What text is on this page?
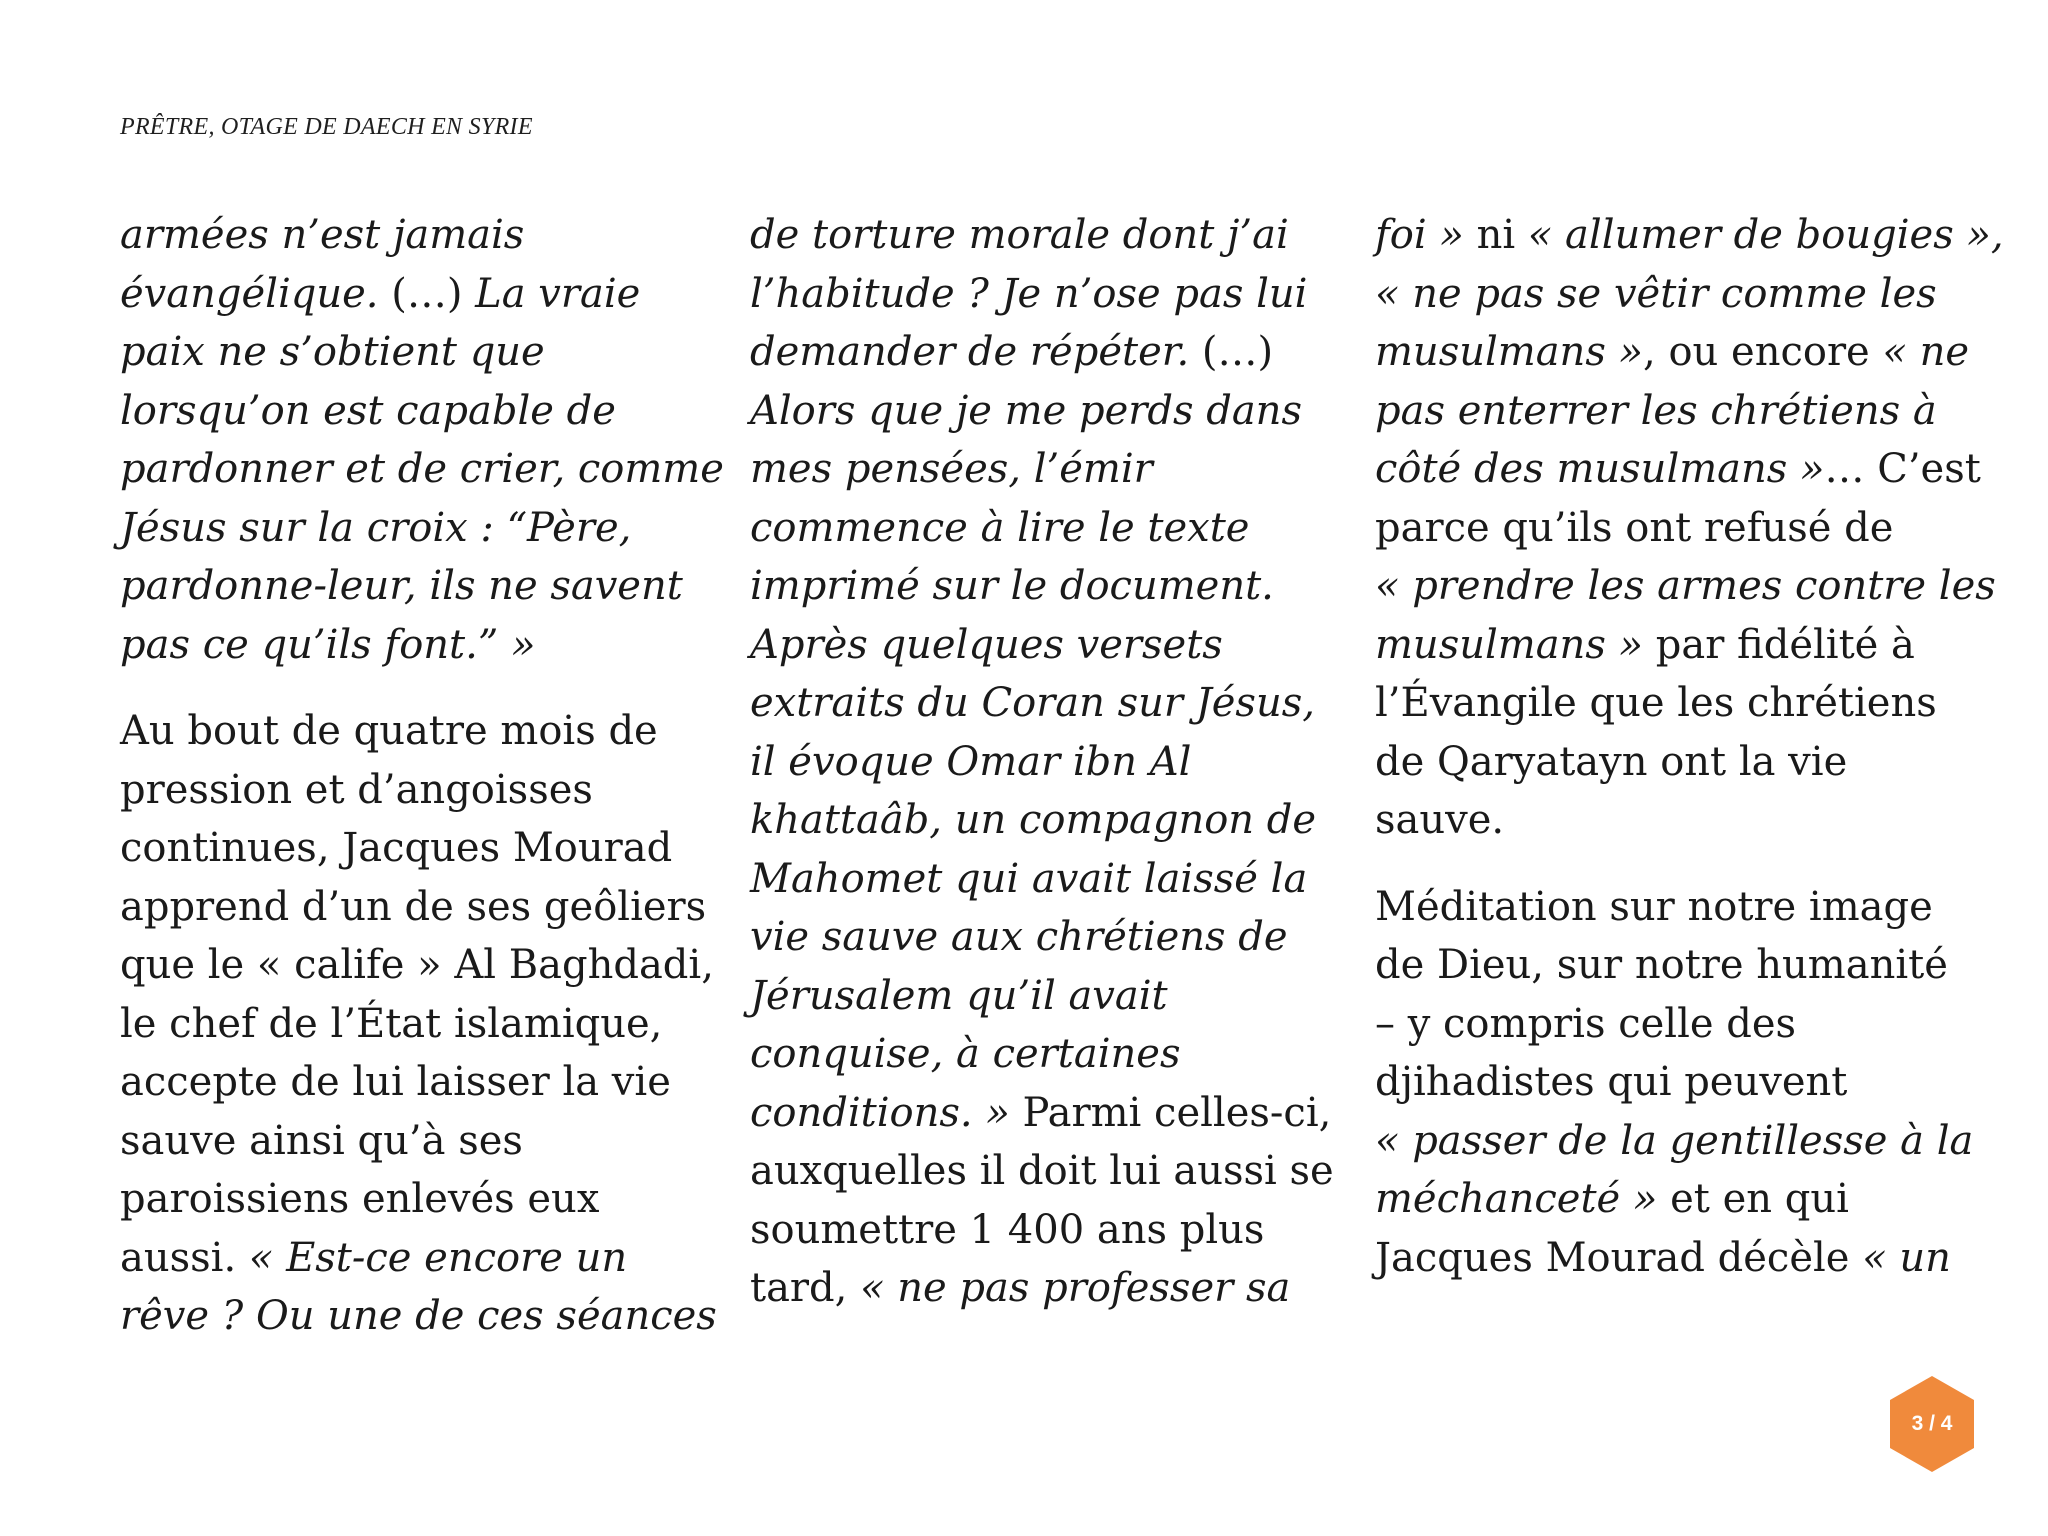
PRÊTRE, OTAGE DE DAECH EN SYRIE

armées n’est jamais
évangélique. (…) La vraie
paix ne s’obtient que
lorsqu’on est capable de
pardonner et de crier, comme
Jésus sur la croix : “Père,
pardonne-leur, ils ne savent
pas ce qu’ils font.” »

Au bout de quatre mois de
pression et d’angoisses
continues, Jacques Mourad
apprend d’un de ses geôliers
que le « calife » Al Baghdadi,
le chef de l’État islamique,
accepte de lui laisser la vie
sauve ainsi qu’à ses
paroissiens enlevés eux
aussi. « Est-ce encore un
rêve ? Ou une de ces séances

de torture morale dont j’ai
l’habitude ? Je n’ose pas lui
demander de répéter. (…)
Alors que je me perds dans
mes pensées, l’émir
commence à lire le texte
imprimé sur le document.
Après quelques versets
extraits du Coran sur Jésus,
il évoque Omar ibn Al
khattaâb, un compagnon de
Mahomet qui avait laissé la
vie sauve aux chrétiens de
Jérusalem qu’il avait
conquise, à certaines
conditions. » Parmi celles-ci,
auxquelles il doit lui aussi se
soumettre 1 400 ans plus
tard, « ne pas professer sa

foi » ni « allumer de bougies »,
« ne pas se vêtir comme les
musulmans », ou encore « ne
pas enterrer les chrétiens à
côté des musulmans »… C’est
parce qu’ils ont refusé de
« prendre les armes contre les
musulmans » par fidélité à
l’Évangile que les chrétiens
de Qaryatayn ont la vie
sauve.

Méditation sur notre image
de Dieu, sur notre humanité
– y compris celle des
djihadistes qui peuvent
« passer de la gentillesse à la
méchanceté » et en qui
Jacques Mourad décèle « un

3 / 4
